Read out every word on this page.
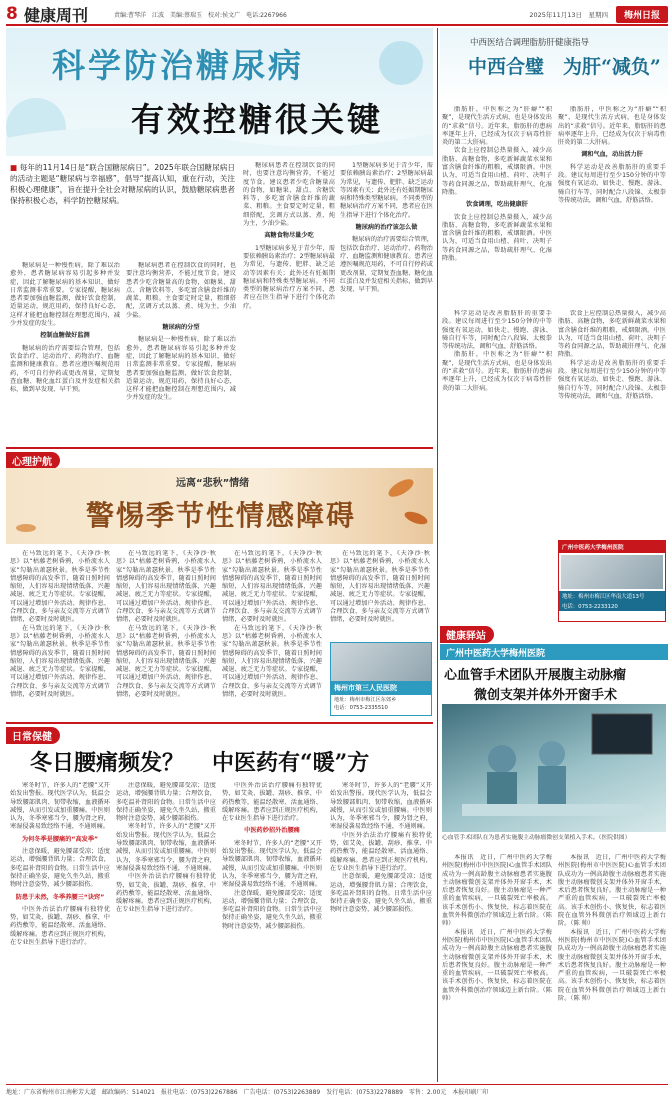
8 健康周刊	责编:曹琴洋　江波　美编:蔡瑞玉　校对:侯文广　电话:2267966	2025年11月13日　星期四	梅州日报
科学防治糖尿病
有效控糖很关键
■ 每年的11月14日是“联合国糖尿病日”。2025年联合国糖尿病日的活动主题是“糖尿病与幸福感”，倡导“提高认知，重在行动，关注积极心理健康”，旨在提升全社会对糖尿病的认识，鼓励糖尿病患者保持积极心态，科学防控糖尿病。

糖尿病患者在控制饮食的同时，也要注意均衡营养，不能过度节食。建议患者少吃含糖量高的食物，如糖果、甜点、含糖饮料等，多吃富含膳食纤维的蔬菜、粗粮。主食要定时定量，粗细搭配，烹调方式以蒸、煮、炖为主，少油少盐。

高糖食物尽量少吃

1型糖尿病多见于青少年，需要依赖胰岛素治疗；2型糖尿病最为常见，与遗传、肥胖、缺乏运动等因素有关；此外还有妊娠期糖尿病和特殊类型糖尿病。不同类型的糖尿病治疗方案不同，患者应在医生指导下进行个体化治疗。

1型糖尿病多见于青少年，需要依赖胰岛素治疗；2型糖尿病最为常见，与遗传、肥胖、缺乏运动等因素有关；此外还有妊娠期糖尿病和特殊类型糖尿病。不同类型的糖尿病治疗方案不同，患者应在医生指导下进行个体化治疗。

糖尿病的治疗该怎么做

糖尿病的治疗需要综合管理，包括饮食治疗、运动治疗、药物治疗、血糖监测和健康教育。患者应遵医嘱规范用药，不可自行停药或更改剂量，定期复查血糖、糖化血红蛋白及并发症相关指标，做到早发现、早干预。

糖尿病是一种慢性病，除了难以治愈外，患者糖尿病容易引起多种并发症，因此了解糖尿病的基本知识、做好日常监测非常重要。专家提醒，糖尿病患者要加强血糖监测，做好饮食控制，适量运动，规范用药，保持良好心态，这样才能把血糖控制在理想范围内，减少并发症的发生。

控制血糖做好监测

糖尿病的治疗需要综合管理，包括饮食治疗、运动治疗、药物治疗、血糖监测和健康教育。患者应遵医嘱规范用药，不可自行停药或更改剂量，定期复查血糖、糖化血红蛋白及并发症相关指标，做到早发现、早干预。

糖尿病患者在控制饮食的同时，也要注意均衡营养，不能过度节食。建议患者少吃含糖量高的食物，如糖果、甜点、含糖饮料等，多吃富含膳食纤维的蔬菜、粗粮。主食要定时定量，粗细搭配，烹调方式以蒸、煮、炖为主，少油少盐。

糖尿病的分型

糖尿病是一种慢性病，除了难以治愈外，患者糖尿病容易引起多种并发症，因此了解糖尿病的基本知识、做好日常监测非常重要。专家提醒，糖尿病患者要加强血糖监测，做好饮食控制，适量运动，规范用药，保持良好心态，这样才能把血糖控制在理想范围内，减少并发症的发生。

中西医结合调理脂肪肝健康指导
中西合璧　为肝“减负”

脂肪肝，中医称之为“肝癖”“积聚”，是现代生活方式病，也是身体发出的“求救”信号。近年来，脂肪肝的患病率逐年上升，已经成为仅次于病毒性肝炎的第二大肝病。

饮食上应控制总热量摄入，减少高脂肪、高糖食物，多吃新鲜蔬菜水果和富含膳食纤维的粗粮，戒烟限酒。中医认为，可适当食用山楂、荷叶、决明子等药食同源之品，帮助疏肝理气、化湿降脂。

饮食调理，吃出健康肝

饮食上应控制总热量摄入，减少高脂肪、高糖食物，多吃新鲜蔬菜水果和富含膳食纤维的粗粮，戒烟限酒。中医认为，可适当食用山楂、荷叶、决明子等药食同源之品，帮助疏肝理气、化湿降脂。

脂肪肝，中医称之为“肝癖”“积聚”，是现代生活方式病，也是身体发出的“求救”信号。近年来，脂肪肝的患病率逐年上升，已经成为仅次于病毒性肝炎的第二大肝病。

调和气血，动出活力肝

科学运动是改善脂肪肝的重要手段。建议每周进行至少150分钟的中等强度有氧运动，如快走、慢跑、游泳、骑自行车等，同时配合八段锦、太极拳等传统功法，调和气血，舒筋活络。

科学运动是改善脂肪肝的重要手段。建议每周进行至少150分钟的中等强度有氧运动，如快走、慢跑、游泳、骑自行车等，同时配合八段锦、太极拳等传统功法，调和气血，舒筋活络。

脂肪肝，中医称之为“肝癖”“积聚”，是现代生活方式病，也是身体发出的“求救”信号。近年来，脂肪肝的患病率逐年上升，已经成为仅次于病毒性肝炎的第二大肝病。

饮食上应控制总热量摄入，减少高脂肪、高糖食物，多吃新鲜蔬菜水果和富含膳食纤维的粗粮，戒烟限酒。中医认为，可适当食用山楂、荷叶、决明子等药食同源之品，帮助疏肝理气、化湿降脂。

科学运动是改善脂肪肝的重要手段。建议每周进行至少150分钟的中等强度有氧运动，如快走、慢跑、游泳、骑自行车等，同时配合八段锦、太极拳等传统功法，调和气血，舒筋活络。

广州中医药大学梅州医院
地址：梅州市梅江区华南大道13号
电话：0753-2233120
心理护航
远离“悲秋”情绪
警惕季节性情感障碍

在马致远的笔下，《天净沙·秋思》以“枯藤老树昏鸦，小桥流水人家”勾勒出萧瑟秋景。秋季是季节性情感障碍的高发季节，随着日照时间缩短，人们容易出现情绪低落、兴趣减退、疲乏无力等症状。专家提醒，可以通过增加户外活动、规律作息、合理饮食、多与亲友交流等方式调节情绪，必要时及时就医。

在马致远的笔下，《天净沙·秋思》以“枯藤老树昏鸦，小桥流水人家”勾勒出萧瑟秋景。秋季是季节性情感障碍的高发季节，随着日照时间缩短，人们容易出现情绪低落、兴趣减退、疲乏无力等症状。专家提醒，可以通过增加户外活动、规律作息、合理饮食、多与亲友交流等方式调节情绪，必要时及时就医。

在马致远的笔下，《天净沙·秋思》以“枯藤老树昏鸦，小桥流水人家”勾勒出萧瑟秋景。秋季是季节性情感障碍的高发季节，随着日照时间缩短，人们容易出现情绪低落、兴趣减退、疲乏无力等症状。专家提醒，可以通过增加户外活动、规律作息、合理饮食、多与亲友交流等方式调节情绪，必要时及时就医。

在马致远的笔下，《天净沙·秋思》以“枯藤老树昏鸦，小桥流水人家”勾勒出萧瑟秋景。秋季是季节性情感障碍的高发季节，随着日照时间缩短，人们容易出现情绪低落、兴趣减退、疲乏无力等症状。专家提醒，可以通过增加户外活动、规律作息、合理饮食、多与亲友交流等方式调节情绪，必要时及时就医。

在马致远的笔下，《天净沙·秋思》以“枯藤老树昏鸦，小桥流水人家”勾勒出萧瑟秋景。秋季是季节性情感障碍的高发季节，随着日照时间缩短，人们容易出现情绪低落、兴趣减退、疲乏无力等症状。专家提醒，可以通过增加户外活动、规律作息、合理饮食、多与亲友交流等方式调节情绪，必要时及时就医。

在马致远的笔下，《天净沙·秋思》以“枯藤老树昏鸦，小桥流水人家”勾勒出萧瑟秋景。秋季是季节性情感障碍的高发季节，随着日照时间缩短，人们容易出现情绪低落、兴趣减退、疲乏无力等症状。专家提醒，可以通过增加户外活动、规律作息、合理饮食、多与亲友交流等方式调节情绪，必要时及时就医。

在马致远的笔下，《天净沙·秋思》以“枯藤老树昏鸦，小桥流水人家”勾勒出萧瑟秋景。秋季是季节性情感障碍的高发季节，随着日照时间缩短，人们容易出现情绪低落、兴趣减退、疲乏无力等症状。专家提醒，可以通过增加户外活动、规律作息、合理饮食、多与亲友交流等方式调节情绪，必要时及时就医。

梅州市第三人民医院
地址：梅州市梅江区东郊乡
电话：0753-2335510
健康驿站
广州中医药大学梅州医院
心血管手术团队开展腹主动脉瘤
微创支架并体外开窗手术
心血管手术团队在为患者实施腹主动脉瘤微创支架植入手术。（医院供图）

本报讯　近日，广州中医药大学梅州医院(梅州市中医医院)心血管手术团队成功为一例高龄腹主动脉瘤患者实施腹主动脉瘤微创支架并体外开窗手术，术后患者恢复良好。腹主动脉瘤是一种严重的血管疾病，一旦破裂死亡率极高。该手术创伤小、恢复快，标志着医院在血管外科微创治疗领域迈上新台阶。（陈 帅）

本报讯　近日，广州中医药大学梅州医院(梅州市中医医院)心血管手术团队成功为一例高龄腹主动脉瘤患者实施腹主动脉瘤微创支架并体外开窗手术，术后患者恢复良好。腹主动脉瘤是一种严重的血管疾病，一旦破裂死亡率极高。该手术创伤小、恢复快，标志着医院在血管外科微创治疗领域迈上新台阶。（陈 帅）

本报讯　近日，广州中医药大学梅州医院(梅州市中医医院)心血管手术团队成功为一例高龄腹主动脉瘤患者实施腹主动脉瘤微创支架并体外开窗手术，术后患者恢复良好。腹主动脉瘤是一种严重的血管疾病，一旦破裂死亡率极高。该手术创伤小、恢复快，标志着医院在血管外科微创治疗领域迈上新台阶。（陈 帅）

本报讯　近日，广州中医药大学梅州医院(梅州市中医医院)心血管手术团队成功为一例高龄腹主动脉瘤患者实施腹主动脉瘤微创支架并体外开窗手术，术后患者恢复良好。腹主动脉瘤是一种严重的血管疾病，一旦破裂死亡率极高。该手术创伤小、恢复快，标志着医院在血管外科微创治疗领域迈上新台阶。（陈 帅）

日常保健
冬日腰痛频发？ 中医药有“暖”方

寒冬时节，许多人的“老腰”又开始发出警报。现代医学认为，低温会导致腰部肌肉、韧带收缩，血液循环减慢，从而引发或加重腰痛。中医则认为，冬季寒邪当令，腰为肾之府，寒湿侵袭易致经络不通，不通则痛。

为何冬季是腰痛的“高发季”

注意保暖，避免腰部受凉；适度运动，增强腰背肌力量；合理饮食，多吃温补肾阳的食物。日常生活中应保持正确坐姿，避免久坐久站，搬重物时注意姿势，减少腰部损伤。

防患于未然，冬季养腰三“诀窍”

中医外治法治疗腰痛有独特优势，如艾灸、拔罐、刮痧、推拿、中药热敷等，能温经散寒、活血通络、缓解疼痛。患者应到正规医疗机构，在专业医生指导下进行治疗。

注意保暖，避免腰部受凉；适度运动，增强腰背肌力量；合理饮食，多吃温补肾阳的食物。日常生活中应保持正确坐姿，避免久坐久站，搬重物时注意姿势，减少腰部损伤。

寒冬时节，许多人的“老腰”又开始发出警报。现代医学认为，低温会导致腰部肌肉、韧带收缩，血液循环减慢，从而引发或加重腰痛。中医则认为，冬季寒邪当令，腰为肾之府，寒湿侵袭易致经络不通，不通则痛。

中医外治法治疗腰痛有独特优势，如艾灸、拔罐、刮痧、推拿、中药热敷等，能温经散寒、活血通络、缓解疼痛。患者应到正规医疗机构，在专业医生指导下进行治疗。

中医外治法治疗腰痛有独特优势，如艾灸、拔罐、刮痧、推拿、中药热敷等，能温经散寒、活血通络、缓解疼痛。患者应到正规医疗机构，在专业医生指导下进行治疗。

中医药妙招外治腰痛

寒冬时节，许多人的“老腰”又开始发出警报。现代医学认为，低温会导致腰部肌肉、韧带收缩，血液循环减慢，从而引发或加重腰痛。中医则认为，冬季寒邪当令，腰为肾之府，寒湿侵袭易致经络不通，不通则痛。

注意保暖，避免腰部受凉；适度运动，增强腰背肌力量；合理饮食，多吃温补肾阳的食物。日常生活中应保持正确坐姿，避免久坐久站，搬重物时注意姿势，减少腰部损伤。

寒冬时节，许多人的“老腰”又开始发出警报。现代医学认为，低温会导致腰部肌肉、韧带收缩，血液循环减慢，从而引发或加重腰痛。中医则认为，冬季寒邪当令，腰为肾之府，寒湿侵袭易致经络不通，不通则痛。

中医外治法治疗腰痛有独特优势，如艾灸、拔罐、刮痧、推拿、中药热敷等，能温经散寒、活血通络、缓解疼痛。患者应到正规医疗机构，在专业医生指导下进行治疗。

注意保暖，避免腰部受凉；适度运动，增强腰背肌力量；合理饮食，多吃温补肾阳的食物。日常生活中应保持正确坐姿，避免久坐久站，搬重物时注意姿势，减少腰部损伤。

地址：广东省梅州市江南彬芳大道　邮政编码：514021　报社电话：(0753)2267886　广告电话：(0753)2263889　发行电话：(0753)2278889　零售：2.00元　本报印刷厂印
